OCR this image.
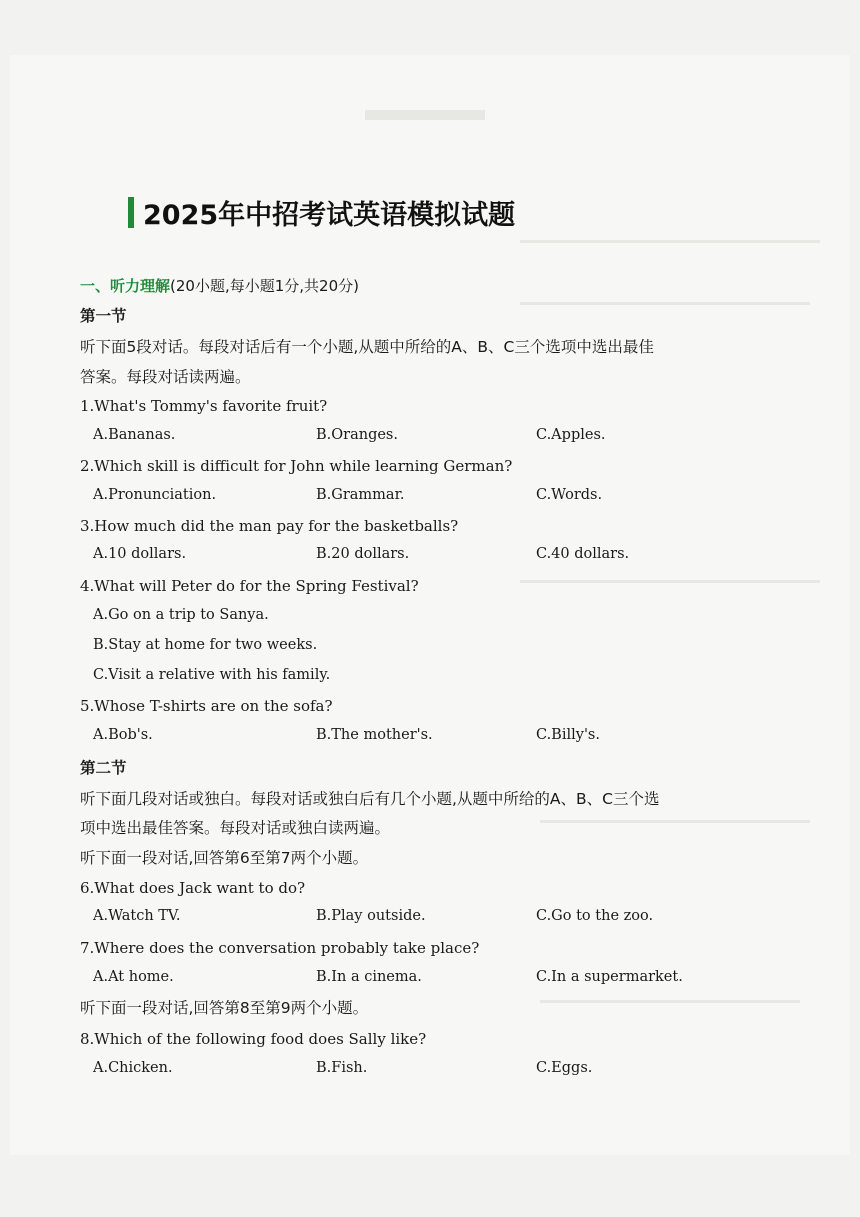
2025年中招考试英语模拟试题
一、听力理解(20小题,每小题1分,共20分)
第一节
听下面5段对话。每段对话后有一个小题,从题中所给的A、B、C三个选项中选出最佳
答案。每段对话读两遍。
1.What's Tommy's favorite fruit?
A.Bananas.	B.Oranges.	C.Apples.
2.Which skill is difficult for John while learning German?
A.Pronunciation.	B.Grammar.	C.Words.
3.How much did the man pay for the basketballs?
A.10 dollars.	B.20 dollars.	C.40 dollars.
4.What will Peter do for the Spring Festival?
A.Go on a trip to Sanya.
B.Stay at home for two weeks.
C.Visit a relative with his family.
5.Whose T-shirts are on the sofa?
A.Bob's.	B.The mother's.	C.Billy's.
第二节
听下面几段对话或独白。每段对话或独白后有几个小题,从题中所给的A、B、C三个选
项中选出最佳答案。每段对话或独白读两遍。
听下面一段对话,回答第6至第7两个小题。
6.What does Jack want to do?
A.Watch TV.	B.Play outside.	C.Go to the zoo.
7.Where does the conversation probably take place?
A.At home.	B.In a cinema.	C.In a supermarket.
听下面一段对话,回答第8至第9两个小题。
8.Which of the following food does Sally like?
A.Chicken.	B.Fish.	C.Eggs.
